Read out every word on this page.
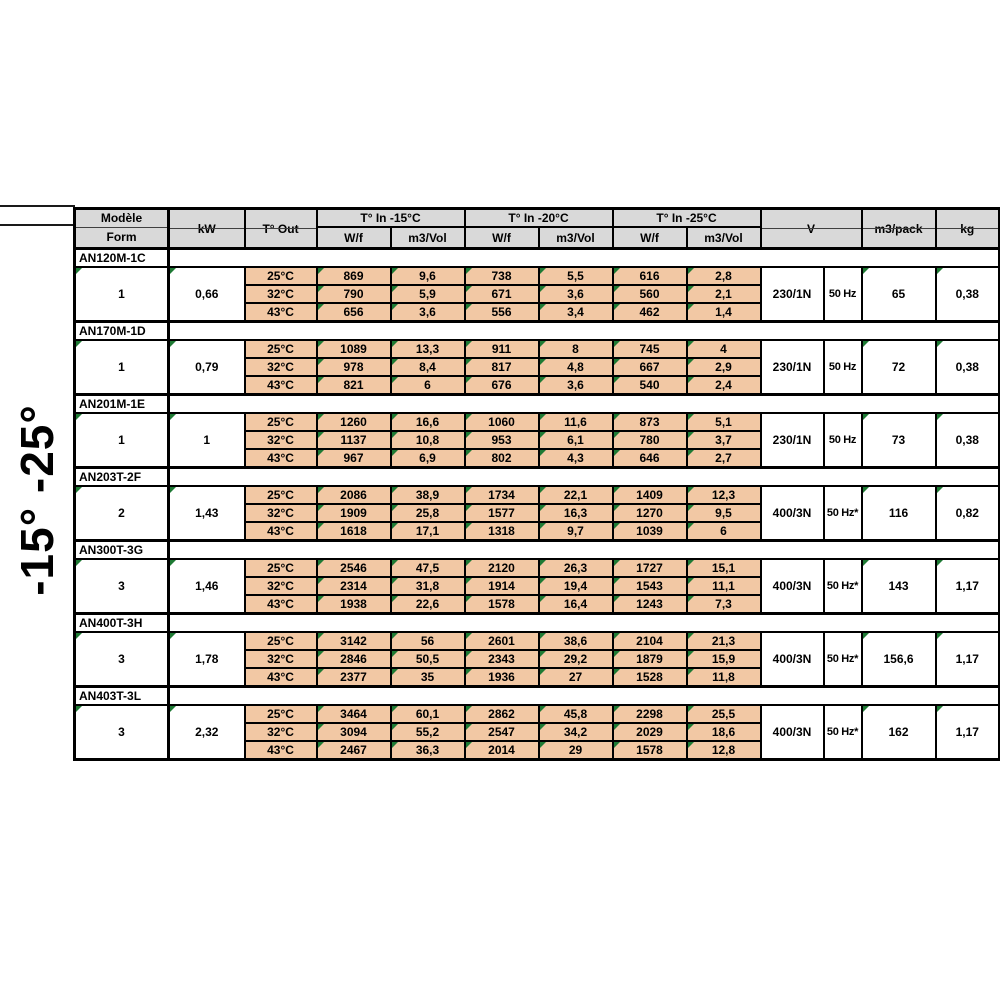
-15° -25°
Modèle	kW	T° Out	T° In -15°C		T° In -20°C		T° In -25°C		V		m3/pack	kg
Form			W/f	m3/Vol	W/f	m3/Vol	W/f	m3/Vol				
AN120M-1C												
1	0,66	25°C	869	9,6	738	5,5	616	2,8	230/1N	50 Hz	65	0,38
		32°C	790	5,9	671	3,6	560	2,1				
		43°C	656	3,6	556	3,4	462	1,4				
AN170M-1D												
1	0,79	25°C	1089	13,3	911	8	745	4	230/1N	50 Hz	72	0,38
		32°C	978	8,4	817	4,8	667	2,9				
		43°C	821	6	676	3,6	540	2,4				
AN201M-1E												
1	1	25°C	1260	16,6	1060	11,6	873	5,1	230/1N	50 Hz	73	0,38
		32°C	1137	10,8	953	6,1	780	3,7				
		43°C	967	6,9	802	4,3	646	2,7				
AN203T-2F												
2	1,43	25°C	2086	38,9	1734	22,1	1409	12,3	400/3N	50 Hz*	116	0,82
		32°C	1909	25,8	1577	16,3	1270	9,5				
		43°C	1618	17,1	1318	9,7	1039	6				
AN300T-3G												
3	1,46	25°C	2546	47,5	2120	26,3	1727	15,1	400/3N	50 Hz*	143	1,17
		32°C	2314	31,8	1914	19,4	1543	11,1				
		43°C	1938	22,6	1578	16,4	1243	7,3				
AN400T-3H												
3	1,78	25°C	3142	56	2601	38,6	2104	21,3	400/3N	50 Hz*	156,6	1,17
		32°C	2846	50,5	2343	29,2	1879	15,9				
		43°C	2377	35	1936	27	1528	11,8				
AN403T-3L												
3	2,32	25°C	3464	60,1	2862	45,8	2298	25,5	400/3N	50 Hz*	162	1,17
		32°C	3094	55,2	2547	34,2	2029	18,6				
		43°C	2467	36,3	2014	29	1578	12,8				
